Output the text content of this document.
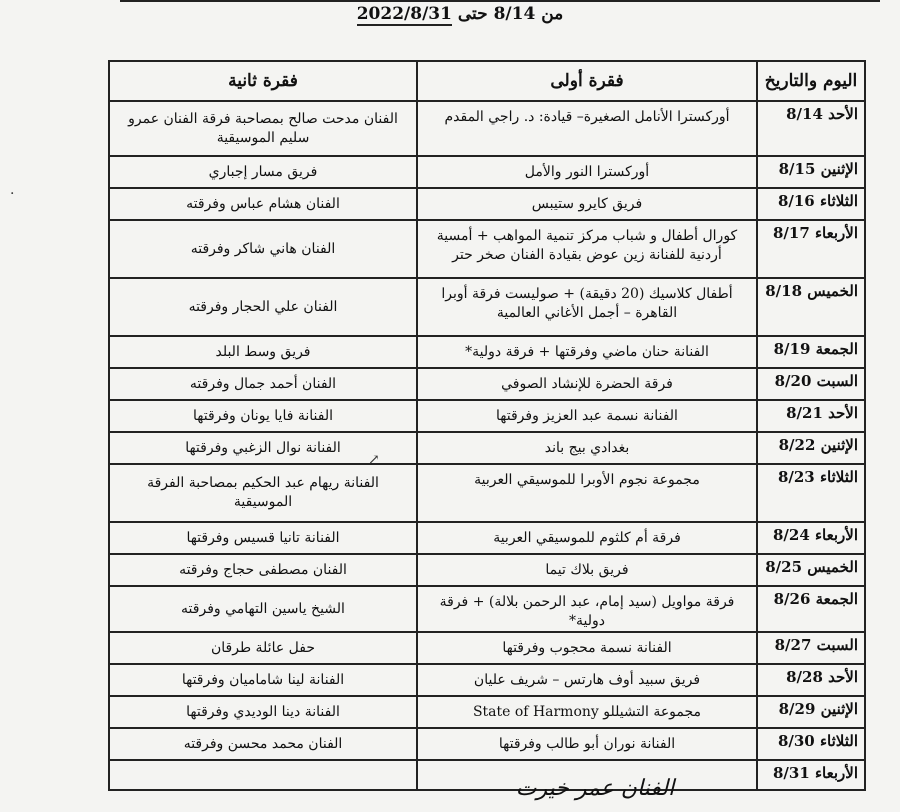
من 8/14 حتى 2022/8/31
اليوم والتاريخ	فقرة أولى	فقرة ثانية
الأحد 8/14	أوركسترا الأنامل الصغيرة– قيادة: د. راجي المقدم	الفنان مدحت صالح بمصاحبة فرقة الفنان عمرو سليم الموسيقية
الإثنين 8/15	أوركسترا النور والأمل	فريق مسار إجباري
الثلاثاء 8/16	فريق كايرو ستيبس	الفنان هشام عباس وفرقته
الأربعاء 8/17	كورال أطفال و شباب مركز تنمية المواهب + أمسية أردنية للفنانة زين عوض بقيادة الفنان صخر حتر	الفنان هاني شاكر وفرقته
الخميس 8/18	أطفال كلاسيك (20 دقيقة) + صوليست فرقة أوبرا القاهرة – أجمل الأغاني العالمية	الفنان علي الحجار وفرقته
الجمعة 8/19	الفنانة حنان ماضي وفرقتها + فرقة دولية*	فريق وسط البلد
السبت 8/20	فرقة الحضرة للإنشاد الصوفي	الفنان أحمد جمال وفرقته
الأحد 8/21	الفنانة نسمة عبد العزيز وفرقتها	الفنانة فايا يونان وفرقتها
الإثنين 8/22	بغدادي بيج باند	الفنانة نوال الزغبي وفرقتها
الثلاثاء 8/23	مجموعة نجوم الأوبرا للموسيقي العربية	الفنانة ريهام عبد الحكيم بمصاحبة الفرقة الموسيقية
الأربعاء 8/24	فرقة أم كلثوم للموسيقي العربية	الفنانة تانيا قسيس وفرقتها
الخميس 8/25	فريق بلاك تيما	الفنان مصطفى حجاج وفرقته
الجمعة 8/26	فرقة مواويل (سيد إمام، عبد الرحمن بلالة) + فرقة دولية*	الشيخ ياسين التهامي وفرقته
السبت 8/27	الفنانة نسمة محجوب وفرقتها	حفل عائلة طرقان
الأحد 8/28	فريق سبيد أوف هارتس – شريف عليان	الفنانة لينا شاماميان وفرقتها
الإثنين 8/29	مجموعة التشيللو State of Harmony	الفنانة دينا الوديدي وفرقتها
الثلاثاء 8/30	الفنانة نوران أبو طالب وفرقتها	الفنان محمد محسن وفرقته
الأربعاء 8/31		
الفنان عمر خيرت
·
↗
